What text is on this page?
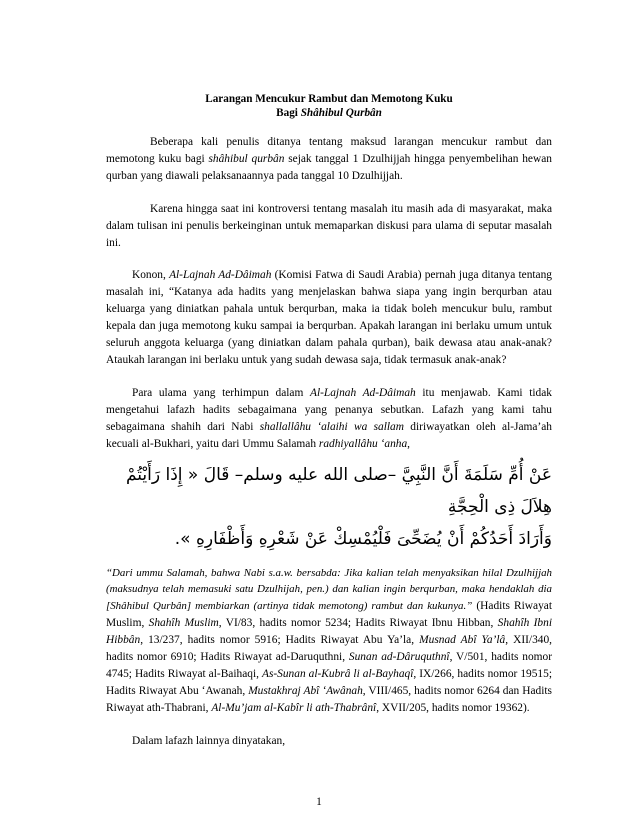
Larangan Mencukur Rambut dan Memotong Kuku
Bagi Shâhibul Qurbân

Beberapa kali penulis ditanya tentang maksud larangan mencukur rambut dan memotong kuku bagi shâhibul qurbân sejak tanggal 1 Dzulhijjah hingga penyembelihan hewan qurban yang diawali pelaksanaannya pada tanggal 10 Dzulhijjah.

Karena hingga saat ini kontroversi tentang masalah itu masih ada di masyarakat, maka dalam tulisan ini penulis berkeinginan untuk memaparkan diskusi para ulama di seputar masalah ini.

Konon, Al-Lajnah Ad-Dâimah (Komisi Fatwa di Saudi Arabia) pernah juga ditanya tentang masalah ini, “Katanya ada hadits yang menjelaskan bahwa siapa yang ingin berqurban atau keluarga yang diniatkan pahala untuk berqurban, maka ia tidak boleh mencukur bulu, rambut kepala dan juga memotong kuku sampai ia berqurban. Apakah larangan ini berlaku umum untuk seluruh anggota keluarga (yang diniatkan dalam pahala qurban), baik dewasa atau anak-anak? Ataukah larangan ini berlaku untuk yang sudah dewasa saja, tidak termasuk anak-anak?

Para ulama yang terhimpun dalam Al-Lajnah Ad-Dâimah itu menjawab. Kami tidak mengetahui lafazh hadits sebagaimana yang penanya sebutkan. Lafazh yang kami tahu sebagaimana shahih dari Nabi shallallâhu ‘alaihi wa sallam diriwayatkan oleh al-Jama’ah kecuali al-Bukhari, yaitu dari Ummu Salamah radhiyallâhu ‘anha,

عَنْ أُمِّ سَلَمَةَ أَنَّ النَّبِيَّ –صلى الله عليه وسلم– قَالَ « إِذَا رَأَيْتُمْ هِلاَلَ ذِى الْحِجَّةِ
وَأَرَادَ أَحَدُكُمْ أَنْ يُضَحِّىَ فَلْيُمْسِكْ عَنْ شَعْرِهِ وَأَظْفَارِهِ ».

“Dari ummu Salamah, bahwa Nabi s.a.w. bersabda: Jika kalian telah menyaksikan hilal Dzulhijjah (maksudnya telah memasuki satu Dzulhijah, pen.) dan kalian ingin berqurban, maka hendaklah dia [Shâhibul Qurbân] membiarkan (artinya tidak memotong) rambut dan kukunya.” (Hadits Riwayat Muslim, Shahîh Muslim, VI/83, hadits nomor 5234; Hadits Riwayat Ibnu Hibban, Shahîh Ibni Hibbân, 13/237, hadits nomor 5916; Hadits Riwayat Abu Ya’la, Musnad Abî Ya’lâ, XII/340, hadits nomor 6910; Hadits Riwayat ad-Daruquthni, Sunan ad-Dâruquthnî, V/501, hadits nomor 4745; Hadits Riwayat al-Baihaqi, As-Sunan al-Kubrâ li al-Bayhaqî, IX/266, hadits nomor 19515; Hadits Riwayat Abu ‘Awanah, Mustakhraj Abî ‘Awânah, VIII/465, hadits nomor 6264 dan Hadits Riwayat ath-Thabrani, Al-Mu’jam al-Kabîr li ath-Thabrânî, XVII/205, hadits nomor 19362).

Dalam lafazh lainnya dinyatakan,

1
